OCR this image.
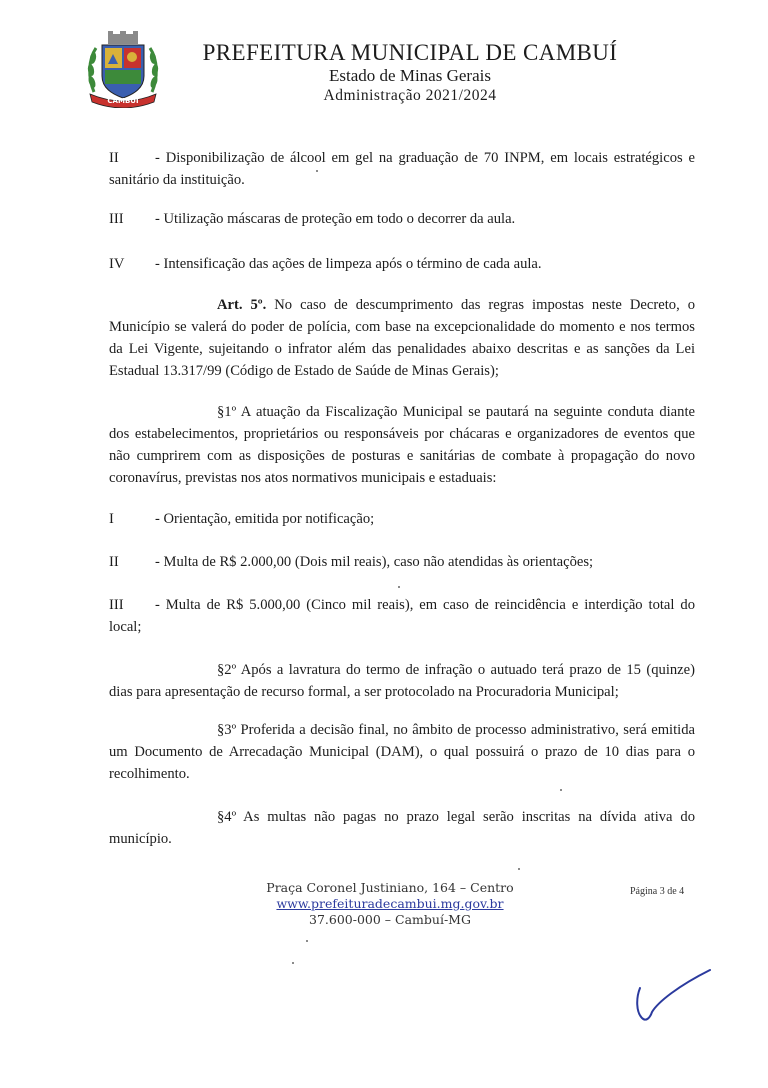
CAMBUÍ
PREFEITURA MUNICIPAL DE CAMBUÍ
Estado de Minas Gerais
Administração 2021/2024
II - Disponibilização de álcool em gel na graduação de 70 INPM, em locais estratégicos e sanitário da instituição.
III - Utilização máscaras de proteção em todo o decorrer da aula.
IV - Intensificação das ações de limpeza após o término de cada aula.
Art. 5º. No caso de descumprimento das regras impostas neste Decreto, o Município se valerá do poder de polícia, com base na excepcionalidade do momento e nos termos da Lei Vigente, sujeitando o infrator além das penalidades abaixo descritas e as sanções da Lei Estadual 13.317/99 (Código de Estado de Saúde de Minas Gerais);
§1º A atuação da Fiscalização Municipal se pautará na seguinte conduta diante dos estabelecimentos, proprietários ou responsáveis por chácaras e organizadores de eventos que não cumprirem com as disposições de posturas e sanitárias de combate à propagação do novo coronavírus, previstas nos atos normativos municipais e estaduais:
I	- Orientação, emitida por notificação;
II - Multa de R$ 2.000,00 (Dois mil reais), caso não atendidas às orientações;
III - Multa de R$ 5.000,00 (Cinco mil reais), em caso de reincidência e interdição total do local;
§2º Após a lavratura do termo de infração o autuado terá prazo de 15 (quinze) dias para apresentação de recurso formal, a ser protocolado na Procuradoria Municipal;
§3º Proferida a decisão final, no âmbito de processo administrativo, será emitida um Documento de Arrecadação Municipal (DAM), o qual possuirá o prazo de 10 dias para o recolhimento.
§4º As multas não pagas no prazo legal serão inscritas na dívida ativa do município.
Praça Coronel Justiniano, 164 – Centro
www.prefeituradecambui.mg.gov.br
37.600-000 – Cambuí-MG
Página 3 de 4
